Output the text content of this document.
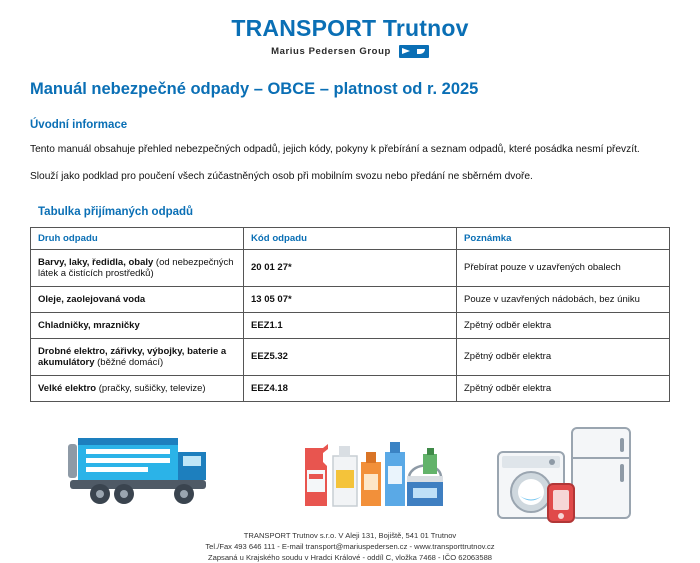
TRANSPORT Trutnov
Marius Pedersen Group
Manuál nebezpečné odpady – OBCE – platnost od r. 2025
Úvodní informace

Tento manuál obsahuje přehled nebezpečných odpadů, jejich kódy, pokyny k přebírání a seznam odpadů, které posádka nesmí převzít.

Slouží jako podklad pro poučení všech zúčastněných osob při mobilním svozu nebo předání ne sběrném dvoře.

Tabulka přijímaných odpadů
Druh odpadu	Kód odpadu	Poznámka
Barvy, laky, ředidla, obaly (od nebezpečných látek a čistících prostředků)	20 01 27*	Přebírat pouze v uzavřených obalech
Oleje, zaolejovaná voda	13 05 07*	Pouze v uzavřených nádobách, bez úniku
Chladničky, mrazničky	EEZ1.1	Zpětný odběr elektra
Drobné elektro, zářivky, výbojky, baterie a akumulátory (běžné domácí)	EEZ5.32	Zpětný odběr elektra
Velké elektro (pračky, sušičky, televize)	EEZ4.18	Zpětný odběr elektra
TRANSPORT Trutnov s.r.o. V Aleji 131, Bojiště, 541 01 Trutnov
Tel./Fax 493 646 111 - E-mail transport@mariuspedersen.cz - www.transporttrutnov.cz
Zapsaná u Krajského soudu v Hradci Králové - oddíl C, vložka 7468 - IČO 62063588
